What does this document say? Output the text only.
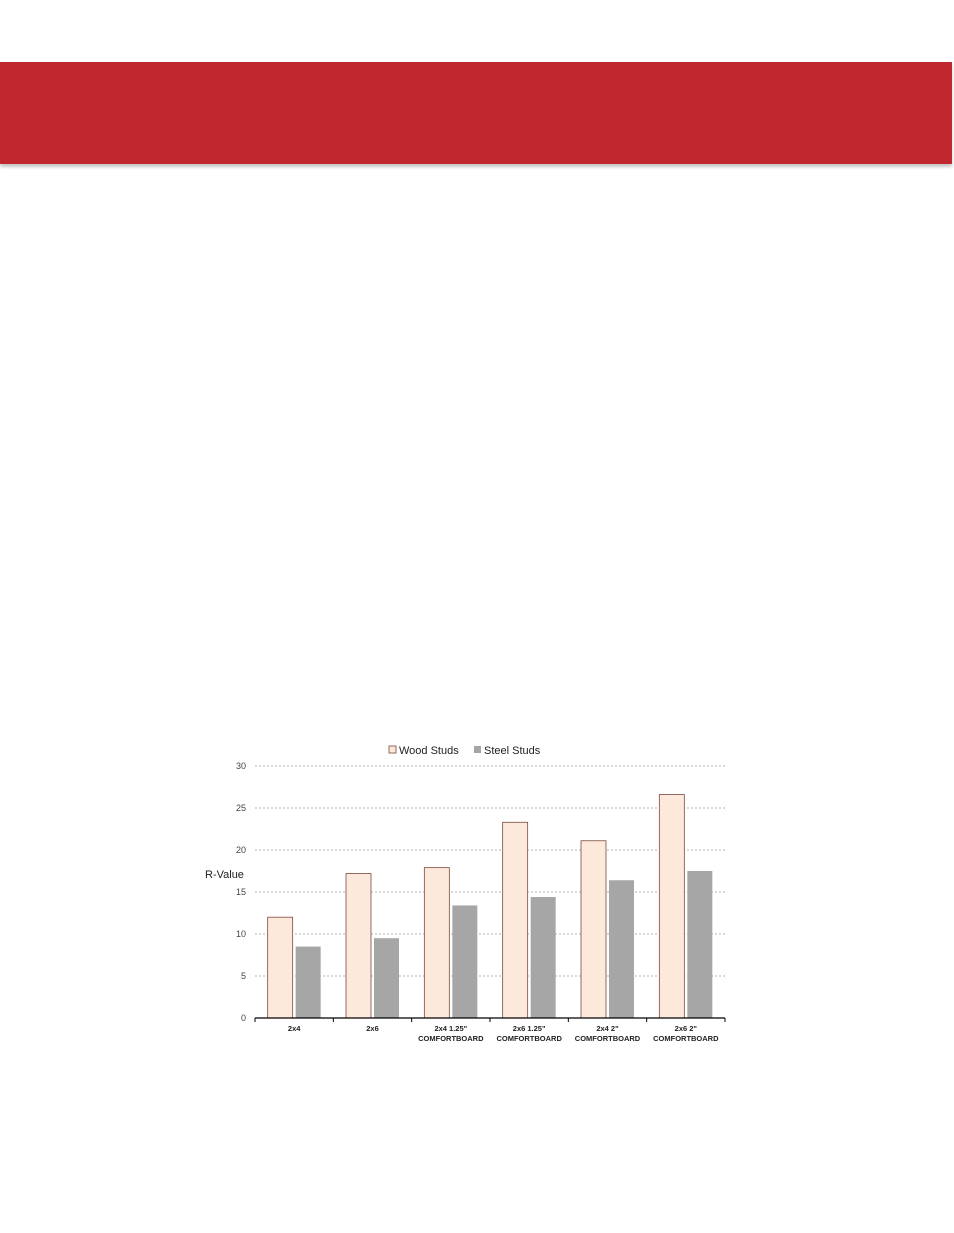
0
5
10
15
20
25
30
2x4	2x6	2x4 1.25"
COMFORTBOARD
2x6 1.25"
COMFORTBOARD
2x4 2"
COMFORTBOARD
2x6 2"
COMFORTBOARD
Wood Studs Steel Studs
R-Value
